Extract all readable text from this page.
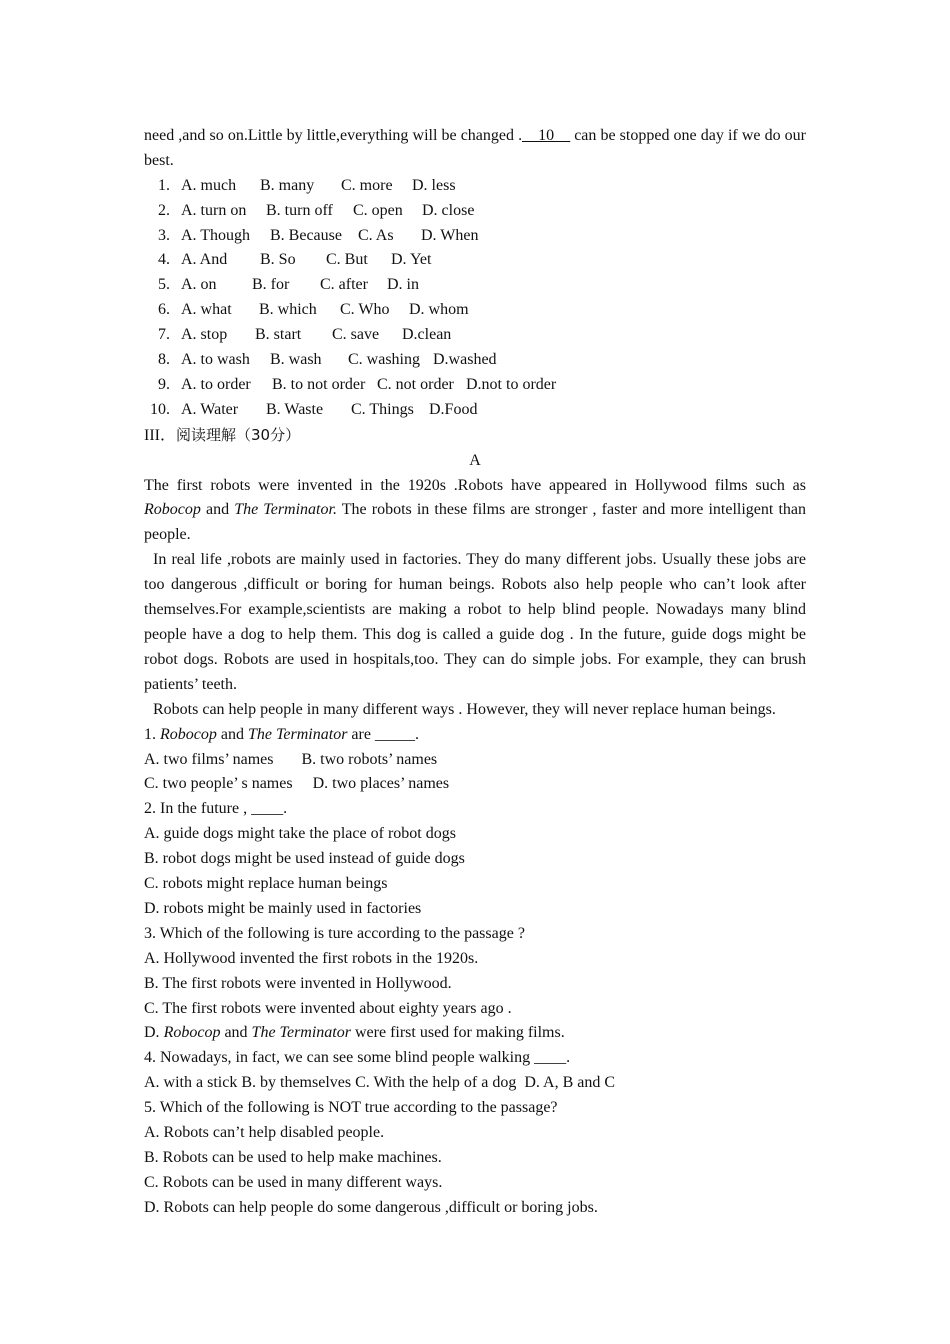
need ,and so on.Little by little,everything will be changed .__10__ can be stopped one day if we do our best.

1. A. much B. many C. more D. less
2. A. turn on B. turn off C. open D. close
3. A. Though B. Because C. As D. When
4. A. And B. So C. But D. Yet
5. A. on B. for C. after D. in
6. A. what B. which C. Who D. whom
7. A. stop B. start C. save D.clean
8. A. to wash B. wash C. washing D.washed
9. A. to order B. to not order C. not order D.not to order
10. A. Water B. Waste C. Things D.Food

III．阅读理解（30分）

A

The first robots were invented in the 1920s .Robots have appeared in Hollywood films such as Robocop and The Terminator. The robots in these films are stronger , faster and more intelligent than people.

In real life ,robots are mainly used in factories. They do many different jobs. Usually these jobs are too dangerous ,difficult or boring for human beings. Robots also help people who can’t look after themselves.For example,scientists are making a robot to help blind people. Nowadays many blind people have a dog to help them. This dog is called a guide dog . In the future, guide dogs might be robot dogs. Robots are used in hospitals,too. They can do simple jobs. For example, they can brush patients’ teeth.

Robots can help people in many different ways . However, they will never replace human beings.

1. Robocop and The Terminator are _____.

A. two films’ names       B. two robots’ names

C. two people’ s names     D. two places’ names

2. In the future , ____.

A. guide dogs might take the place of robot dogs

B. robot dogs might be used instead of guide dogs

C. robots might replace human beings

D. robots might be mainly used in factories

3. Which of the following is ture according to the passage ?

A. Hollywood invented the first robots in the 1920s.

B. The first robots were invented in Hollywood.

C. The first robots were invented about eighty years ago .

D. Robocop and The Terminator were first used for making films.

4. Nowadays, in fact, we can see some blind people walking ____.

A. with a stick B. by themselves C. With the help of a dog  D. A, B and C

5. Which of the following is NOT true according to the passage?

A. Robots can’t help disabled people.

B. Robots can be used to help make machines.

C. Robots can be used in many different ways.

D. Robots can help people do some dangerous ,difficult or boring jobs.
